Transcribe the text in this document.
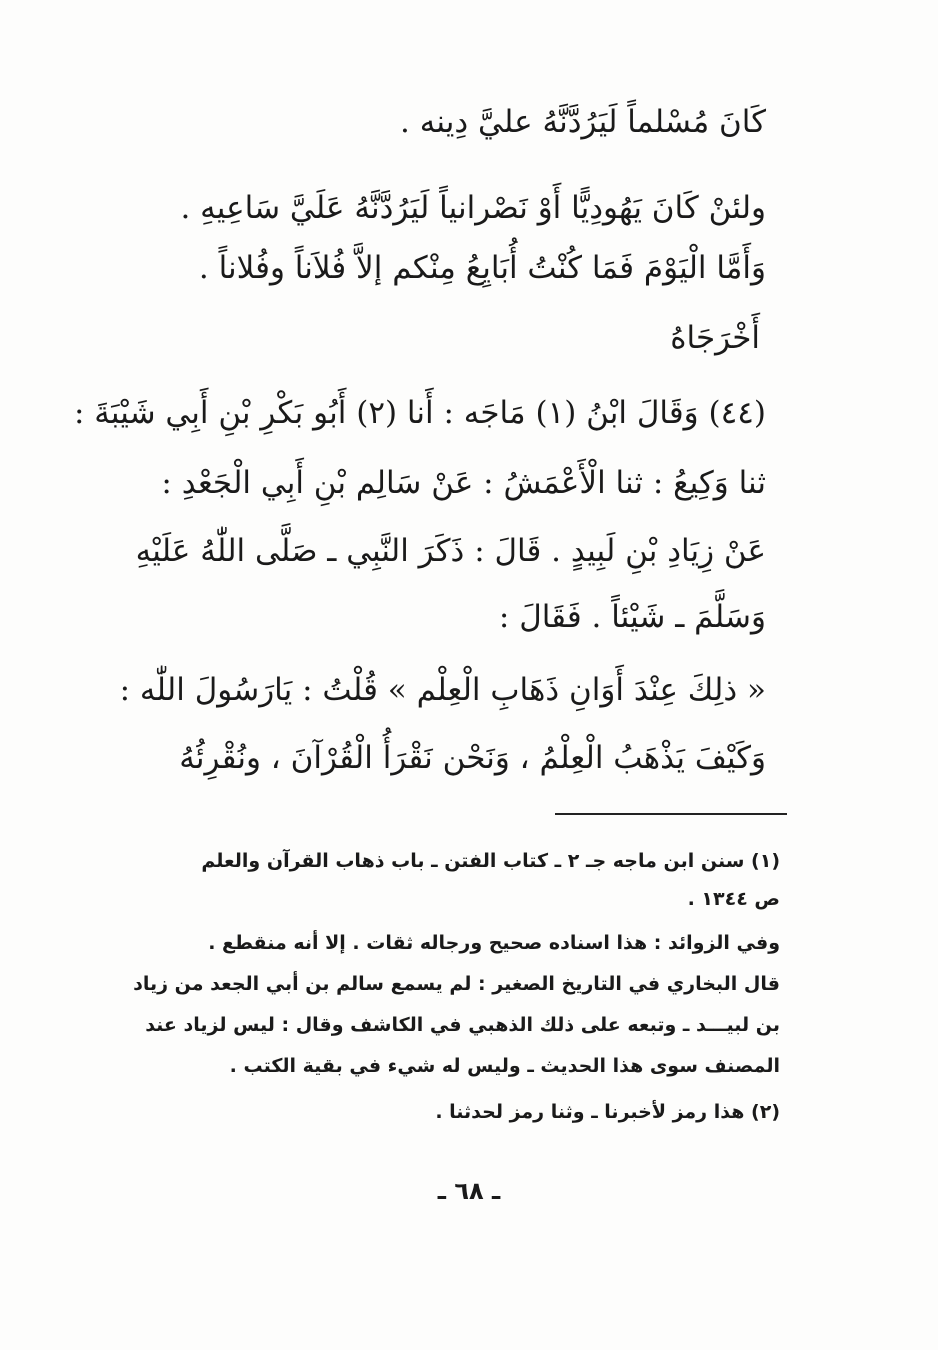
كَانَ مُسْلماً لَيَرُدَّنَّهُ عليَّ دِينه .
ولئنْ كَانَ يَهُودِيًّا أَوْ نَصْرانياً لَيَرُدَّنَّهُ عَلَيَّ سَاعِيهِ .
وَأَمَّا الْيَوْمَ فَمَا كُنْتُ أُبَايِعُ مِنْكم إلاَّ فُلاَناً وفُلاناً .
أَخْرَجَاهُ
(٤٤) وَقَالَ ابْنُ (١) مَاجَه : أَنا (٢) أَبُو بَكْرِ بْنِ أَبِي شَيْبَةَ :
ثنا وَكِيعُ : ثنا الْأَعْمَشُ : عَنْ سَالِم بْنِ أَبِي الْجَعْدِ :
عَنْ زِيَادِ بْنِ لَبِيدٍ . قَالَ : ذَكَرَ النَّبِي ـ صَلَّى اللّٰهُ عَلَيْهِ
وَسَلَّمَ ـ شَيْئاً . فَقَالَ :
« ذلِكَ عِنْدَ أَوَانِ ذَهَابِ الْعِلْم » قُلْتُ : يَارَسُولَ اللّٰه :
وَكَيْفَ يَذْهَبُ الْعِلْمُ ، وَنَحْن نَقْرَأُ الْقُرْآنَ ، ونُقْرِئُهُ
(١) سنن ابن ماجه جـ ٢ ـ كتاب الفتن ـ باب ذهاب القرآن والعلم
ص ١٣٤٤ .
وفي الزوائد : هذا اسناده صحيح ورجاله ثقات . إلا أنه منقطع .
قال البخاري في التاريخ الصغير : لم يسمع سالم بن أبي الجعد من زياد
بن لبيـــد ـ وتبعه على ذلك الذهبي في الكاشف وقال : ليس لزياد عند
المصنف سوى هذا الحديث ـ وليس له شيء في بقية الكتب .
(٢) هذا رمز لأخبرنا ـ وثنا رمز لحدثنا .
ـ ٦٨ ـ
